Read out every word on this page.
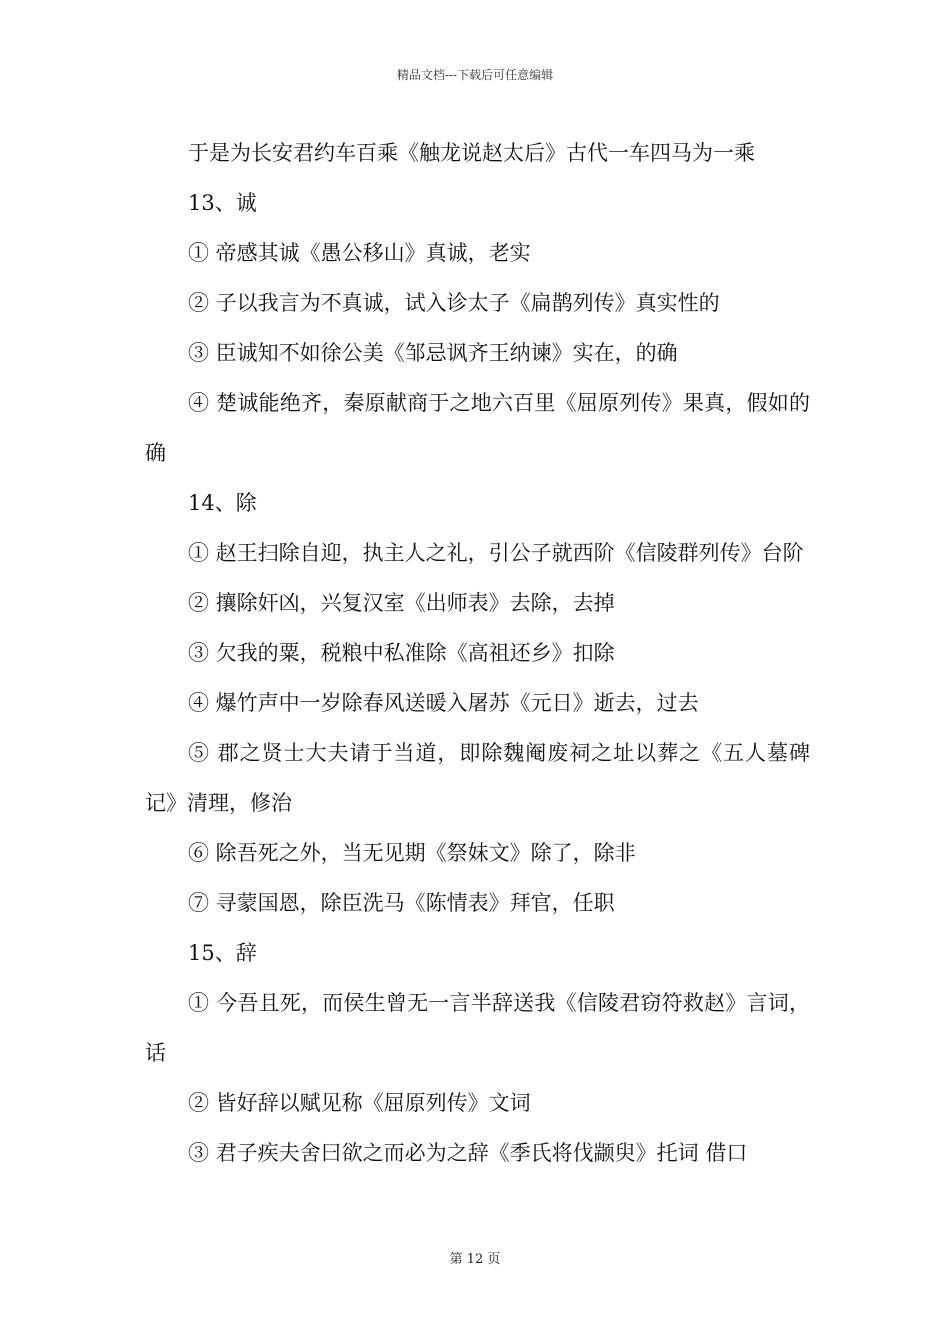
精品文档---下载后可任意编辑

于是为长安君约车百乘《触龙说赵太后》古代一车四马为一乘

13、诚

① 帝感其诚《愚公移山》真诚，老实

② 子以我言为不真诚，试入诊太子《扁鹊列传》真实性的

③ 臣诚知不如徐公美《邹忌讽齐王纳谏》实在，的确

④ 楚诚能绝齐，秦原献商于之地六百里《屈原列传》果真，假如的确

14、除

① 赵王扫除自迎，执主人之礼，引公子就西阶《信陵群列传》台阶

② 攘除奸凶，兴复汉室《出师表》去除，去掉

③ 欠我的粟，税粮中私准除《高祖还乡》扣除

④ 爆竹声中一岁除春风送暖入屠苏《元日》逝去，过去

⑤ 郡之贤士大夫请于当道，即除魏阉废祠之址以葬之《五人墓碑记》清理，修治

⑥ 除吾死之外，当无见期《祭妹文》除了，除非

⑦ 寻蒙国恩，除臣洗马《陈情表》拜官，任职

15、辞

① 今吾且死，而侯生曾无一言半辞送我《信陵君窃符救赵》言词，话

② 皆好辞以赋见称《屈原列传》文词

③ 君子疾夫舍曰欲之而必为之辞《季氏将伐颛臾》托词 借口

第 12 页
